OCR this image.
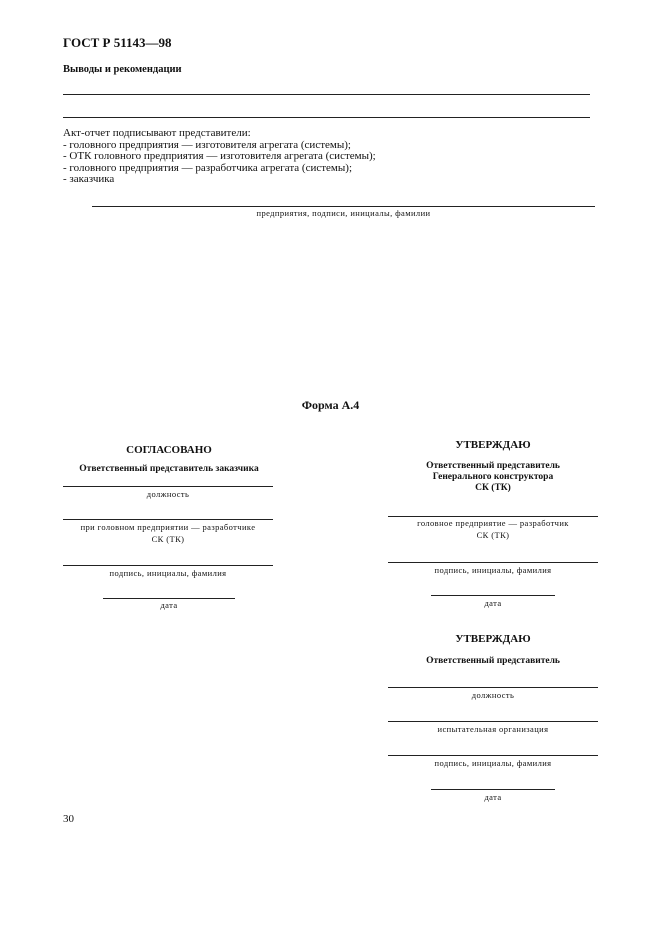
ГОСТ Р 51143—98
Выводы и рекомендации
Акт-отчет подписывают представители:
- головного предприятия — изготовителя агрегата (системы);
- ОТК головного предприятия — изготовителя агрегата (системы);
- головного предприятия — разработчика агрегата (системы);
- заказчика
предприятия, подписи, инициалы, фамилии
Форма А.4
СОГЛАСОВАНО
Ответственный представитель заказчика
должность
при головном предприятии — разработчике
СК (ТК)
подпись, инициалы, фамилия
дата
УТВЕРЖДАЮ
Ответственный представитель
Генерального конструктора
СК (ТК)
головное предприятие — разработчик
СК (ТК)
подпись, инициалы, фамилия
дата
УТВЕРЖДАЮ
Ответственный представитель
должность
испытательная организация
подпись, инициалы, фамилия
дата
30
